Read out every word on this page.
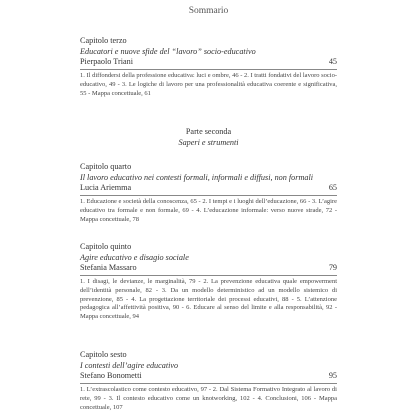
Sommario
Capitolo terzo
Educatori e nuove sfide del “lavoro” socio-educativo
Pierpaolo Triani	45
1. Il diffondersi della professione educativa: luci e ombre, 46 - 2. I tratti fondativi del lavoro socio-educativo, 49 - 3. Le logiche di lavoro per una professionalità educativa coerente e significativa, 55 - Mappa concettuale, 61
Parte seconda
Saperi e strumenti
Capitolo quarto
Il lavoro educativo nei contesti formali, informali e diffusi, non formali
Lucia Ariemma	65
1. Educazione e società della conoscenza, 65 - 2. I tempi e i luoghi dell’educazione, 66 - 3. L’agire educativo tra formale e non formale, 69 - 4. L’educazione informale: verso nuove strade, 72 - Mappa concettuale, 78
Capitolo quinto
Agire educativo e disagio sociale
Stefania Massaro	79
1. I disagi, le devianze, le marginalità, 79 - 2. La prevenzione educativa quale empowerment dell’identità personale, 82 - 3. Da un modello deterministico ad un modello sistemico di prevenzione, 85 - 4. La progettazione territoriale dei processi educativi, 88 - 5. L’attenzione pedagogica all’affettività positiva, 90 - 6. Educare al senso del limite e alla responsabilità, 92 - Mappa concettuale, 94
Capitolo sesto
I contesti dell’agire educativo
Stefano Bonometti	95
1. L’extrascolastico come contesto educativo, 97 - 2. Dal Sistema Formativo Integrato al lavoro di rete, 99 - 3. Il contesto educativo come un knotworking, 102 - 4. Conclusioni, 106 - Mappa concettuale, 107
